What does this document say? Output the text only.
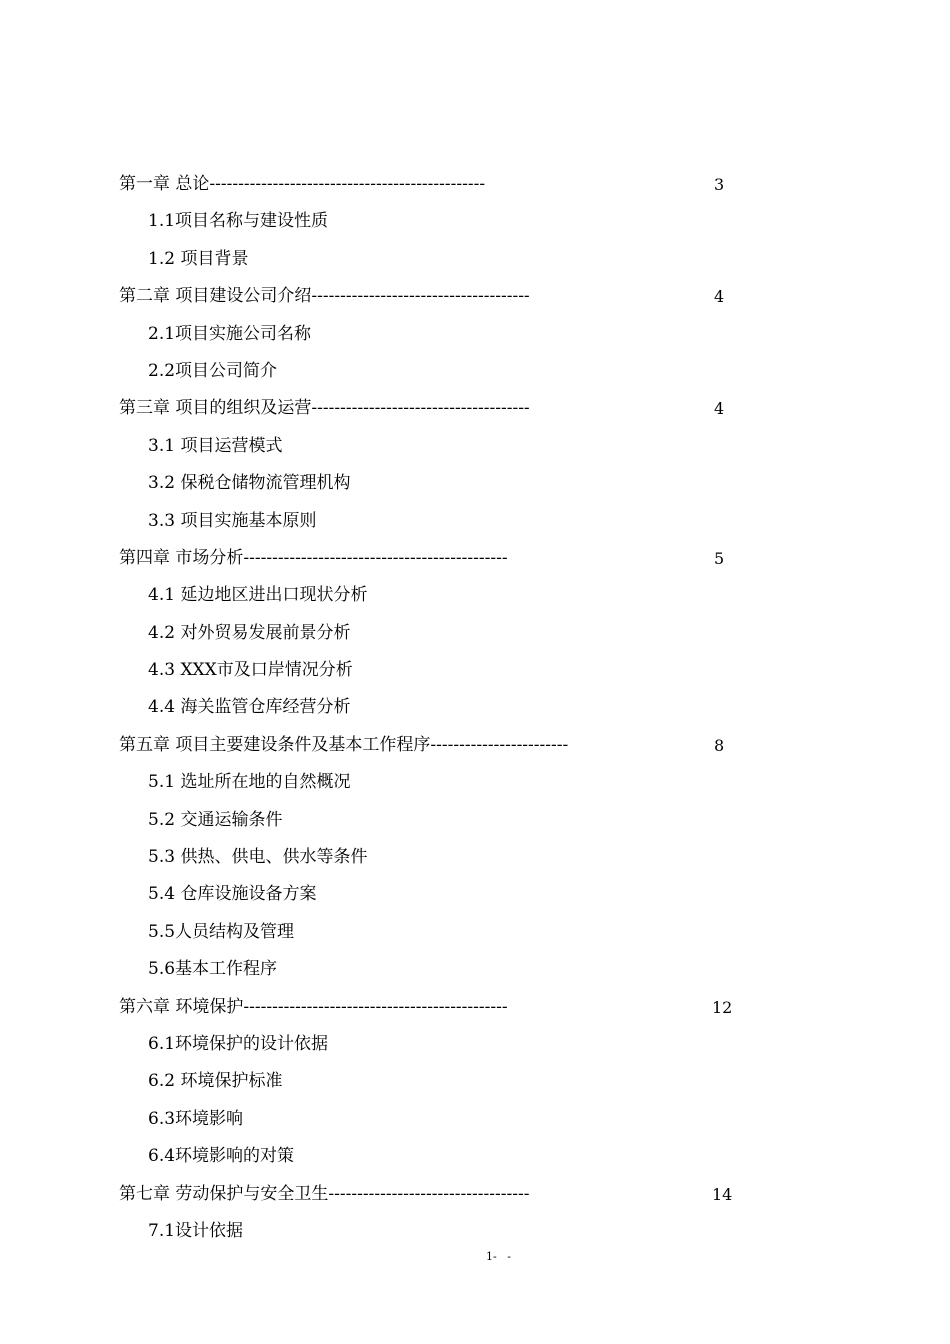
第一章 总论------------------------------------------------	3
1.1项目名称与建设性质
1.2 项目背景
第二章 项目建设公司介绍--------------------------------------	4
2.1项目实施公司名称
2.2项目公司简介
第三章 项目的组织及运营--------------------------------------	4
3.1 项目运营模式
3.2 保税仓储物流管理机构
3.3 项目实施基本原则
第四章 市场分析----------------------------------------------	5
4.1 延边地区进出口现状分析
4.2 对外贸易发展前景分析
4.3 XXX市及口岸情况分析
4.4 海关监管仓库经营分析
第五章 项目主要建设条件及基本工作程序------------------------	8
5.1 选址所在地的自然概况
5.2 交通运输条件
5.3 供热、供电、供水等条件
5.4 仓库设施设备方案
5.5人员结构及管理
5.6基本工作程序
第六章 环境保护----------------------------------------------	12
6.1环境保护的设计依据
6.2 环境保护标准
6.3环境影响
6.4环境影响的对策
第七章 劳动保护与安全卫生-----------------------------------	14
7.1设计依据
1-   -
